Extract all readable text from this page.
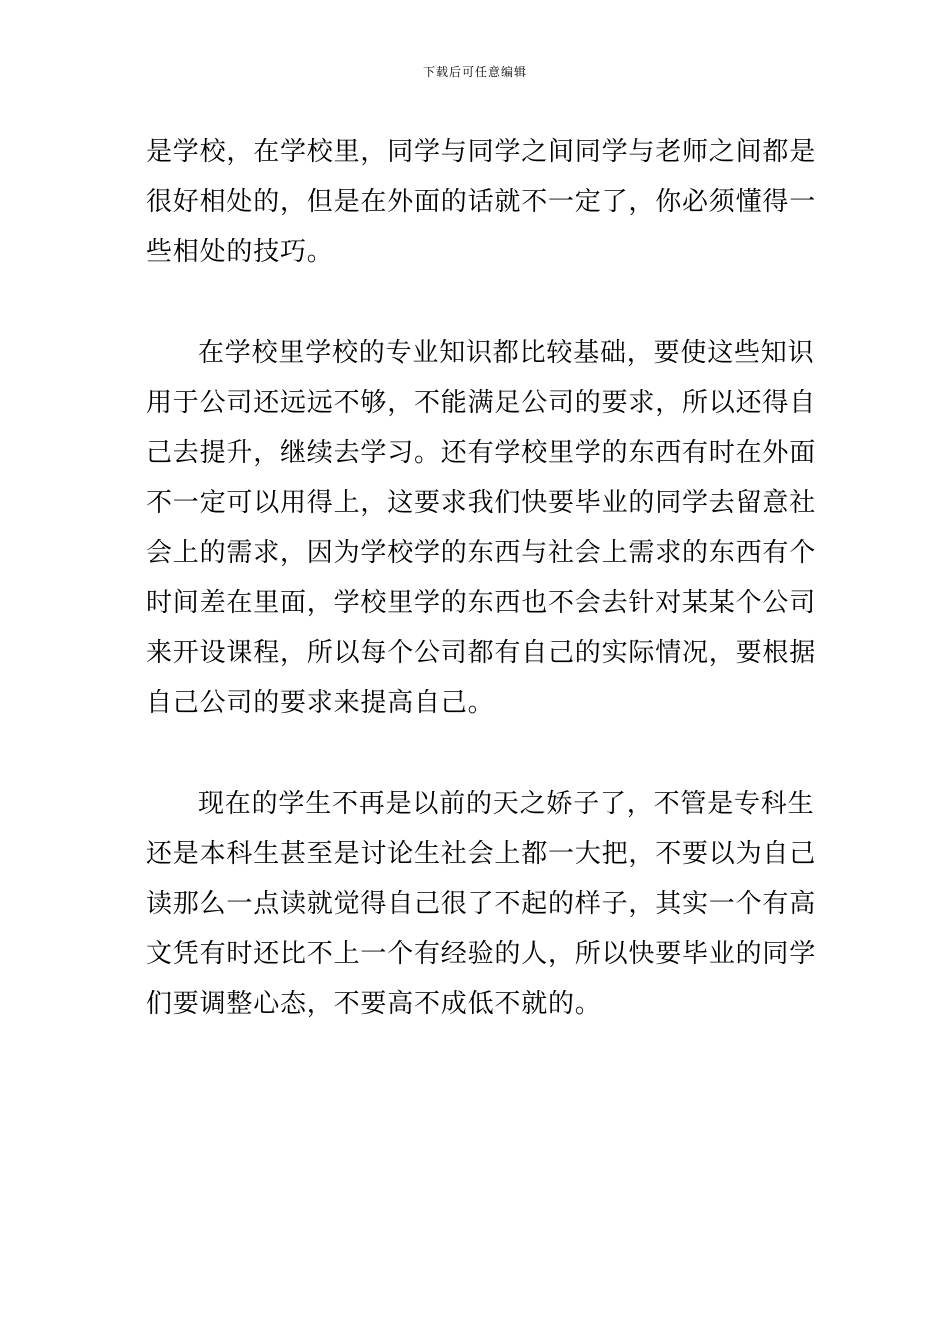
下载后可任意编辑
是学校，在学校里，同学与同学之间同学与老师之间都是
很好相处的，但是在外面的话就不一定了，你必须懂得一
些相处的技巧。
在学校里学校的专业知识都比较基础，要使这些知识
用于公司还远远不够，不能满足公司的要求，所以还得自
己去提升，继续去学习。还有学校里学的东西有时在外面
不一定可以用得上，这要求我们快要毕业的同学去留意社
会上的需求，因为学校学的东西与社会上需求的东西有个
时间差在里面，学校里学的东西也不会去针对某某个公司
来开设课程，所以每个公司都有自己的实际情况，要根据
自己公司的要求来提高自己。
现在的学生不再是以前的天之娇子了，不管是专科生
还是本科生甚至是讨论生社会上都一大把，不要以为自己
读那么一点读就觉得自己很了不起的样子，其实一个有高
文凭有时还比不上一个有经验的人，所以快要毕业的同学
们要调整心态，不要高不成低不就的。
